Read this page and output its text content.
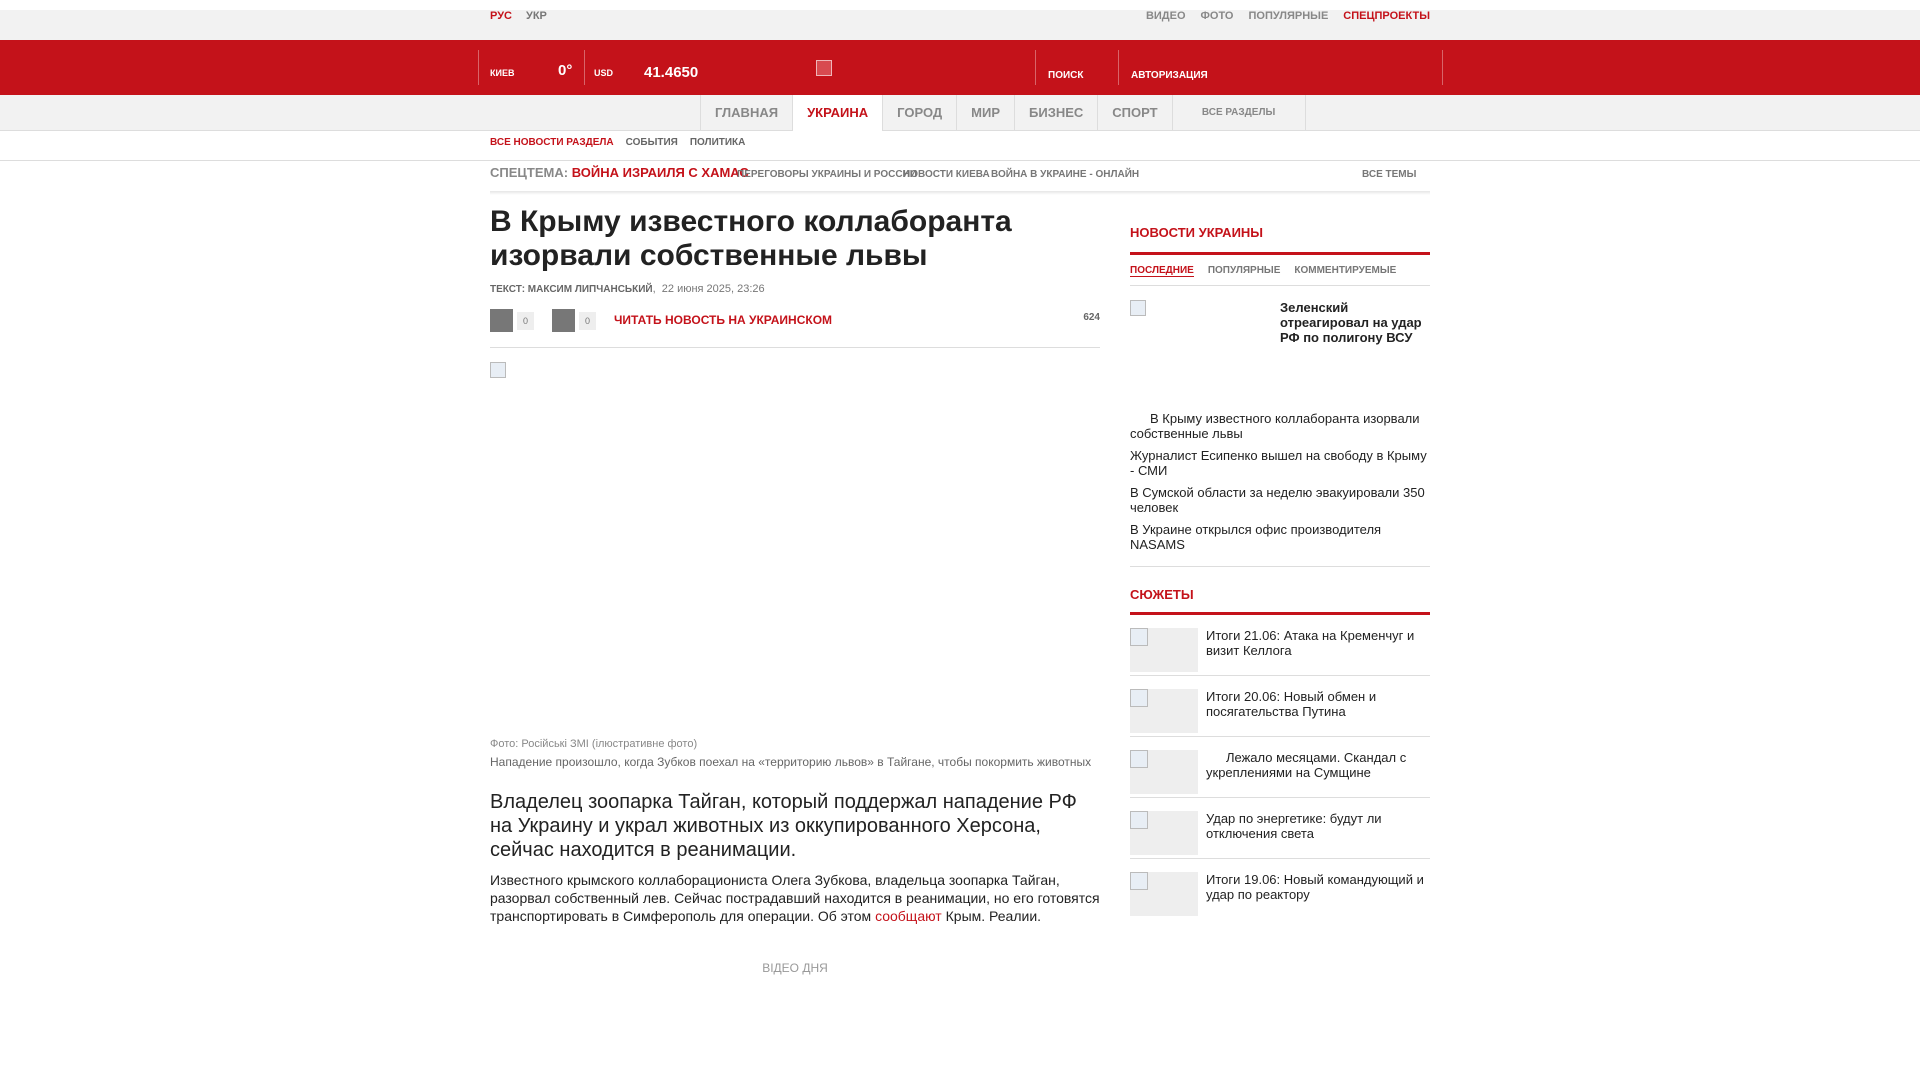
РУС УКР	ВИДЕО ФОТО ПОПУЛЯРНЫЕ СПЕЦПРОЕКТЫ
КИЕВ	0° USD 41.4650	ПОИСК	АВТОРИЗАЦИЯ
ГЛАВНАЯ	УКРАИНА	ГОРОД	МИР	БИЗНЕС	СПОРТ	ВСЕ РАЗДЕЛЫ
ВСЕ НОВОСТИ РАЗДЕЛА СОБЫТИЯ ПОЛИТИКА
СПЕЦТЕМА: ВОЙНА ИЗРАИЛЯ С ХАМАС
ПЕРЕГОВОРЫ УКРАИНЫ И РОССИИ
НОВОСТИ КИЕВА ВОЙНА В УКРАИНЕ - ОНЛАЙН	ВСЕ ТЕМЫ
В Крыму известного коллаборанта изорвали собственные львы
ТЕКСТ: МАКСИМ ЛИПЧАНСЬКИЙ,  22 июня 2025, 23:26
0	0	ЧИТАТЬ НОВОСТЬ НА УКРАИНСКОМ	624
Фото: Російські ЗМІ (ілюстративне фото)
Нападение произошло, когда Зубков поехал на «территорию львов» в Тайгане, чтобы покормить животных
Владелец зоопарка Тайган, который поддержал нападение РФ на Украину и украл животных из оккупированного Херсона, сейчас находится в реанимации.
Известного крымского коллаборациониста Олега Зубкова, владельца зоопарка Тайган, разорвал собственный лев. Сейчас пострадавший находится в реанимации, но его готовятся транспортировать в Симферополь для операции. Об этом сообщают Крым. Реалии.
ВІДЕО ДНЯ
НОВОСТИ УКРАИНЫ
ПОСЛЕДНИЕ ПОПУЛЯРНЫЕ КОММЕНТИРУЕМЫЕ
Зеленский отреагировал на удар РФ по полигону ВСУ
В Крыму известного коллаборанта изорвали собственные львы
Журналист Есипенко вышел на свободу в Крыму - СМИ
В Сумской области за неделю эвакуировали 350 человек
В Украине открылся офис производителя NASAMS
СЮЖЕТЫ
Итоги 21.06: Атака на Кременчуг и визит Келлога
Итоги 20.06: Новый обмен и посягательства Путина
Лежало месяцами. Скандал с укреплениями на Сумщине
Удар по энергетике: будут ли отключения света
Итоги 19.06: Новый командующий и удар по реактору
